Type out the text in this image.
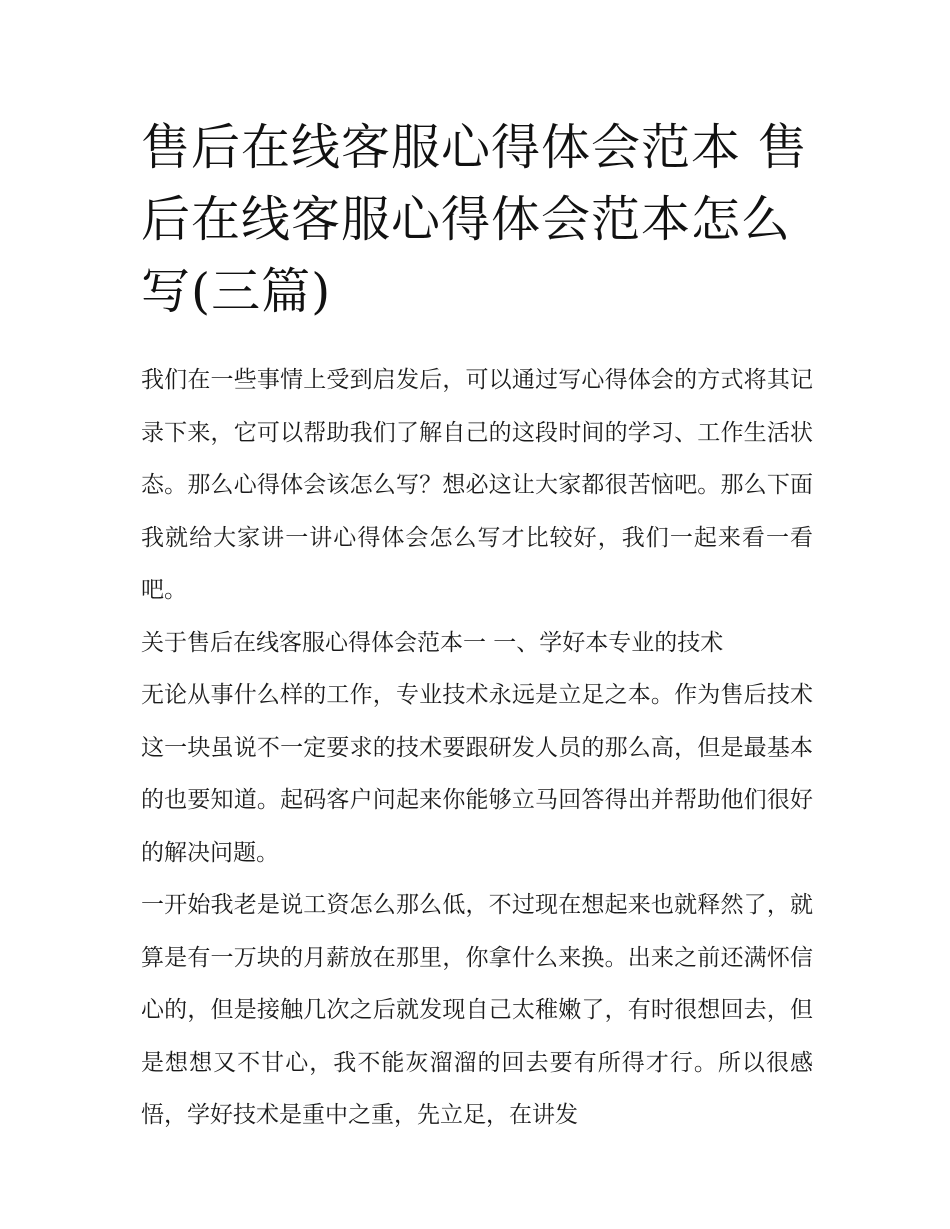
售后在线客服心得体会范本 售后在线客服心得体会范本怎么写(三篇)

我们在一些事情上受到启发后，可以通过写心得体会的方式将其记录下来，它可以帮助我们了解自己的这段时间的学习、工作生活状态。那么心得体会该怎么写？想必这让大家都很苦恼吧。那么下面我就给大家讲一讲心得体会怎么写才比较好，我们一起来看一看吧。

关于售后在线客服心得体会范本一 一、学好本专业的技术

无论从事什么样的工作，专业技术永远是立足之本。作为售后技术这一块虽说不一定要求的技术要跟研发人员的那么高，但是最基本的也要知道。起码客户问起来你能够立马回答得出并帮助他们很好的解决问题。

一开始我老是说工资怎么那么低，不过现在想起来也就释然了，就算是有一万块的月薪放在那里，你拿什么来换。出来之前还满怀信心的，但是接触几次之后就发现自己太稚嫩了，有时很想回去，但是想想又不甘心，我不能灰溜溜的回去要有所得才行。所以很感悟，学好技术是重中之重，先立足，在讲发
